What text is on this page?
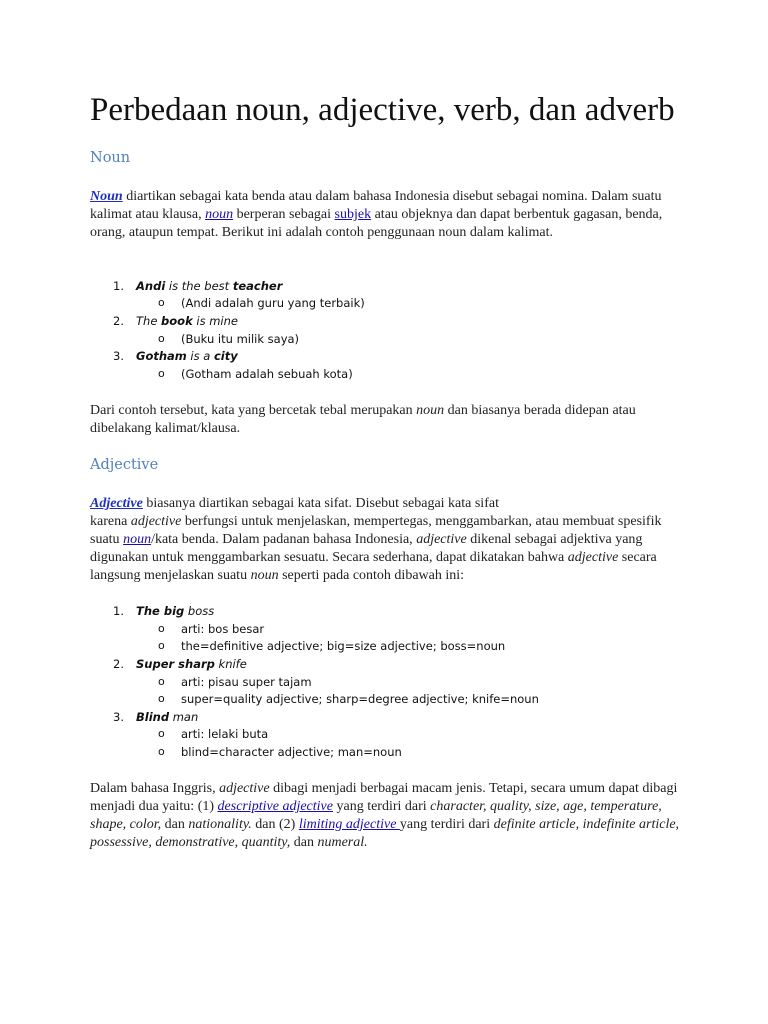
Perbedaan noun, adjective, verb, dan adverb
Noun

Noun diartikan sebagai kata benda atau dalam bahasa Indonesia disebut sebagai nomina. Dalam suatu kalimat atau klausa, noun berperan sebagai subjek atau objeknya dan dapat berbentuk gagasan, benda, orang, ataupun tempat. Berikut ini adalah contoh penggunaan noun dalam kalimat.

1. Andi is the best teacher
o (Andi adalah guru yang terbaik)
2. The book is mine
o (Buku itu milik saya)
3. Gotham is a city
o (Gotham adalah sebuah kota)

Dari contoh tersebut, kata yang bercetak tebal merupakan noun dan biasanya berada didepan atau dibelakang kalimat/klausa.

Adjective

Adjective biasanya diartikan sebagai kata sifat. Disebut sebagai kata sifat
karena adjective berfungsi untuk menjelaskan, mempertegas, menggambarkan, atau membuat spesifik suatu noun/kata benda. Dalam padanan bahasa Indonesia, adjective dikenal sebagai adjektiva yang digunakan untuk menggambarkan sesuatu. Secara sederhana, dapat dikatakan bahwa adjective secara langsung menjelaskan suatu noun seperti pada contoh dibawah ini:

1. The big boss
o arti: bos besar
o the=definitive adjective; big=size adjective; boss=noun
2. Super sharp knife
o arti: pisau super tajam
o super=quality adjective; sharp=degree adjective; knife=noun
3. Blind man
o arti: lelaki buta
o blind=character adjective; man=noun

Dalam bahasa Inggris, adjective dibagi menjadi berbagai macam jenis. Tetapi, secara umum dapat dibagi menjadi dua yaitu: (1) descriptive adjective yang terdiri dari character, quality, size, age, temperature, shape, color, dan nationality. dan (2) limiting adjective yang terdiri dari definite article, indefinite article, possessive, demonstrative, quantity, dan numeral.
